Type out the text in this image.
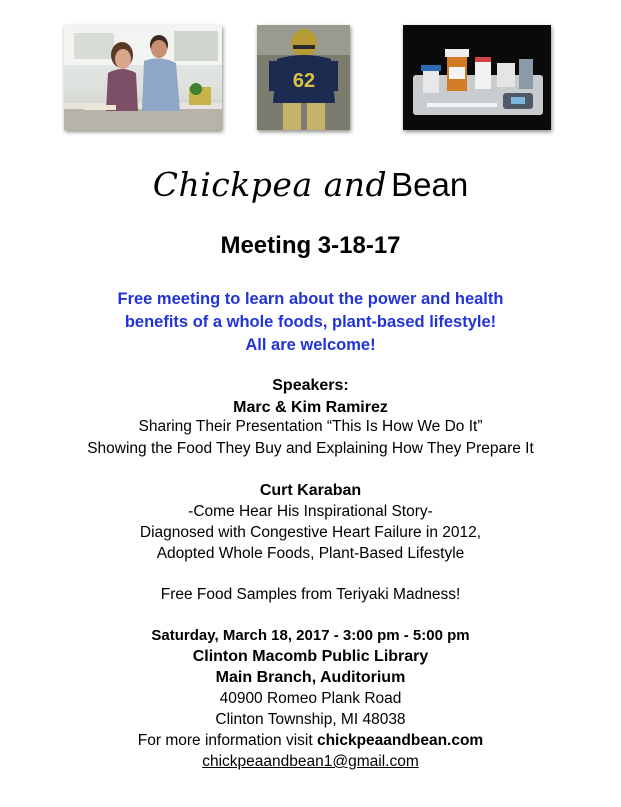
62
Chickpea and Bean
Meeting 3-18-17
Free meeting to learn about the power and health
benefits of a whole foods, plant-based lifestyle!
All are welcome!
Speakers:
Marc & Kim Ramirez
Sharing Their Presentation “This Is How We Do It”
Showing the Food They Buy and Explaining How They Prepare It
Curt Karaban
-Come Hear His Inspirational Story-
Diagnosed with Congestive Heart Failure in 2012,
Adopted Whole Foods, Plant-Based Lifestyle
Free Food Samples from Teriyaki Madness!
Saturday, March 18, 2017 - 3:00 pm - 5:00 pm
Clinton Macomb Public Library
Main Branch, Auditorium
40900 Romeo Plank Road
Clinton Township, MI 48038
For more information visit chickpeaandbean.com
chickpeaandbean1@gmail.com
